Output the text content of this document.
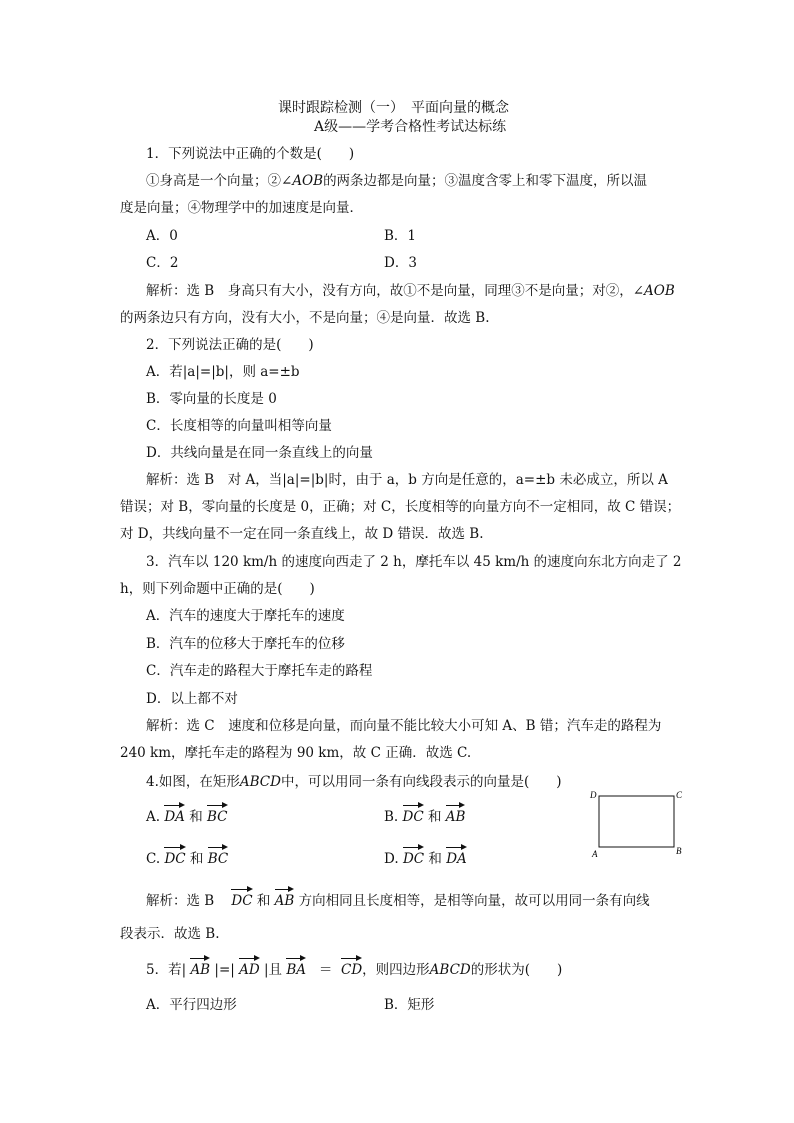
课时跟踪检测（一）　平面向量的概念
A级——学考合格性考试达标练
1．下列说法中正确的个数是(　　)
①身高是一个向量；②∠AOB的两条边都是向量；③温度含零上和零下温度，所以温
度是向量；④物理学中的加速度是向量．
A．0	B．1
C．2	D．3
解析：选 B　身高只有大小，没有方向，故①不是向量，同理③不是向量；对②，∠AOB
的两条边只有方向，没有大小，不是向量；④是向量．故选 B.
2．下列说法正确的是(　　)
A．若|a|=|b|，则 a=±b
B．零向量的长度是 0
C．长度相等的向量叫相等向量
D．共线向量是在同一条直线上的向量
解析：选 B　对 A，当|a|=|b|时，由于 a，b 方向是任意的，a=±b 未必成立，所以 A
错误；对 B，零向量的长度是 0，正确；对 C，长度相等的向量方向不一定相同，故 C 错误；
对 D，共线向量不一定在同一条直线上，故 D 错误．故选 B.
3．汽车以 120 km/h 的速度向西走了 2 h，摩托车以 45 km/h 的速度向东北方向走了 2
h，则下列命题中正确的是(　　)
A．汽车的速度大于摩托车的速度
B．汽车的位移大于摩托车的位移
C．汽车走的路程大于摩托车走的路程
D．以上都不对
解析：选 C　速度和位移是向量，而向量不能比较大小可知 A、B 错；汽车走的路程为
240 km，摩托车走的路程为 90 km，故 C 正确．故选 C.
4.如图，在矩形ABCD中，可以用同一条有向线段表示的向量是(　　)
A. DA 和 BC	B. DC 和 AB
C. DC 和 BC	D. DC 和 DA
D	C
A	B
解析：选 B DC 和 AB 方向相同且长度相等，是相等向量，故可以用同一条有向线
段表示．故选 B.
5．若| AB |=| AD |且 BA ＝ CD，则四边形ABCD的形状为(　　)
A．平行四边形	B．矩形
